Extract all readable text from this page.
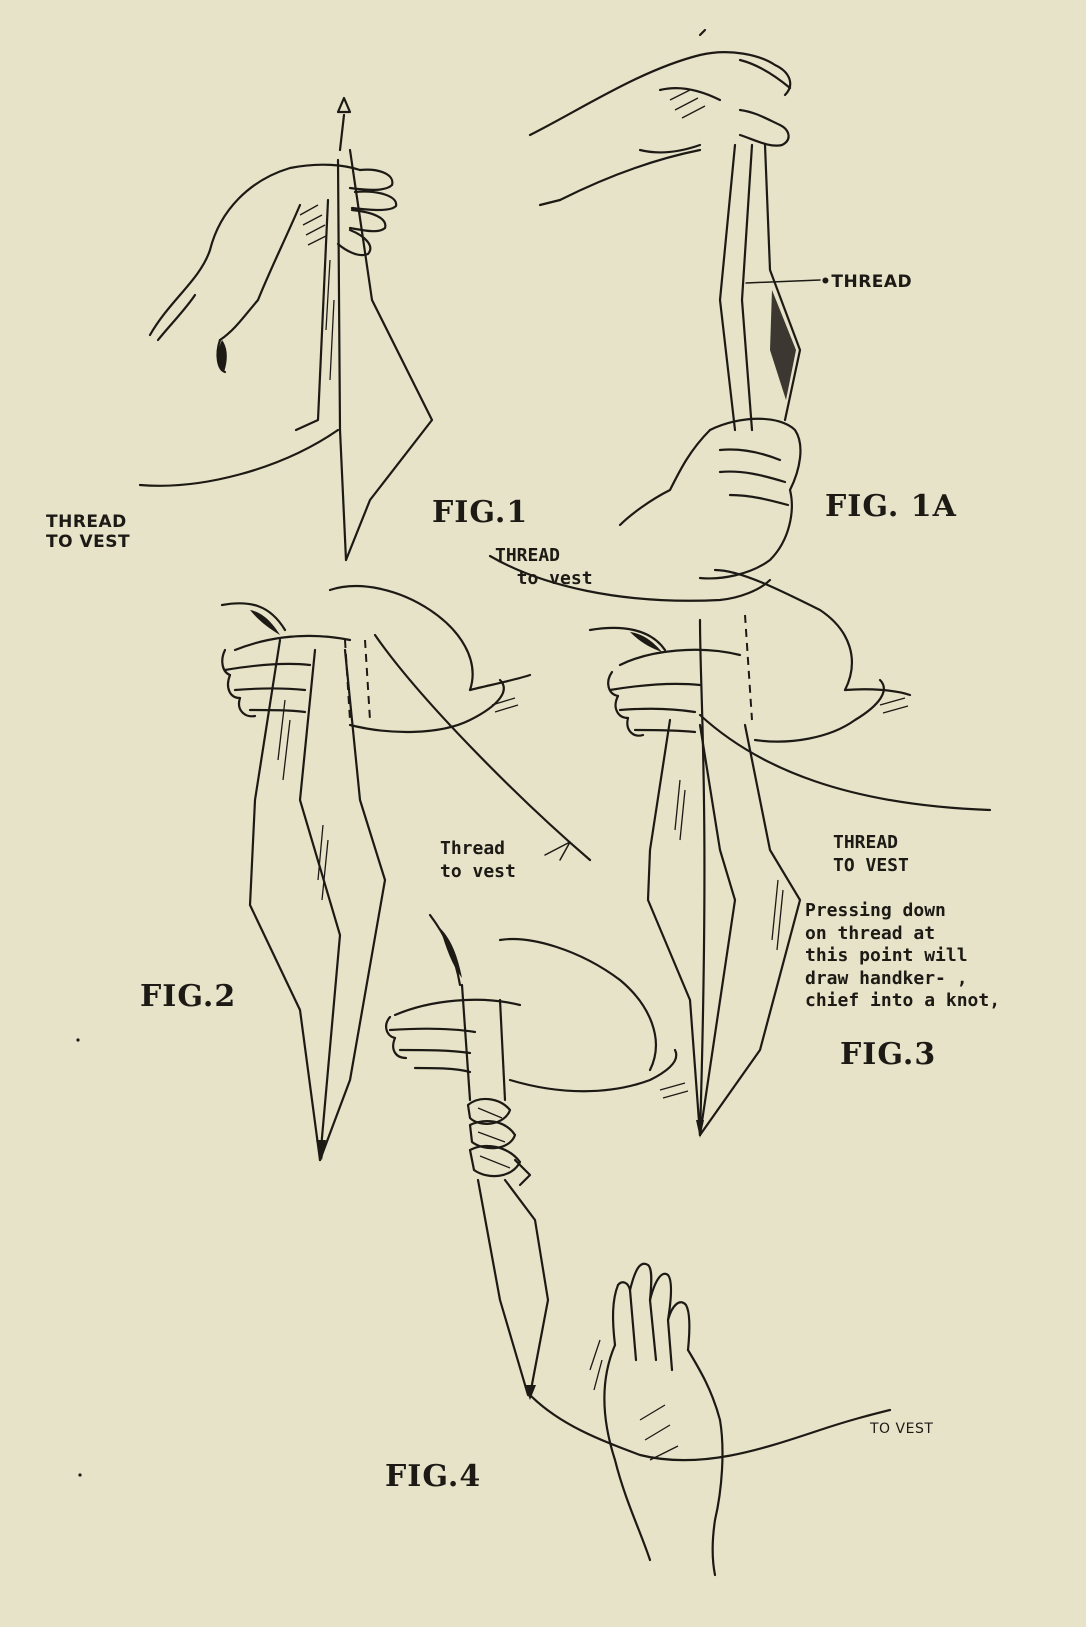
FIG.1	FIG. 1A
FIG.2
FIG.3
FIG.4
THREAD
TO VEST
•THREAD
THREAD
to vest
Thread
to vest
THREAD
TO VEST
Pressing down
on thread at
this point will
draw handker- ,
chief into a knot,
TO VEST
